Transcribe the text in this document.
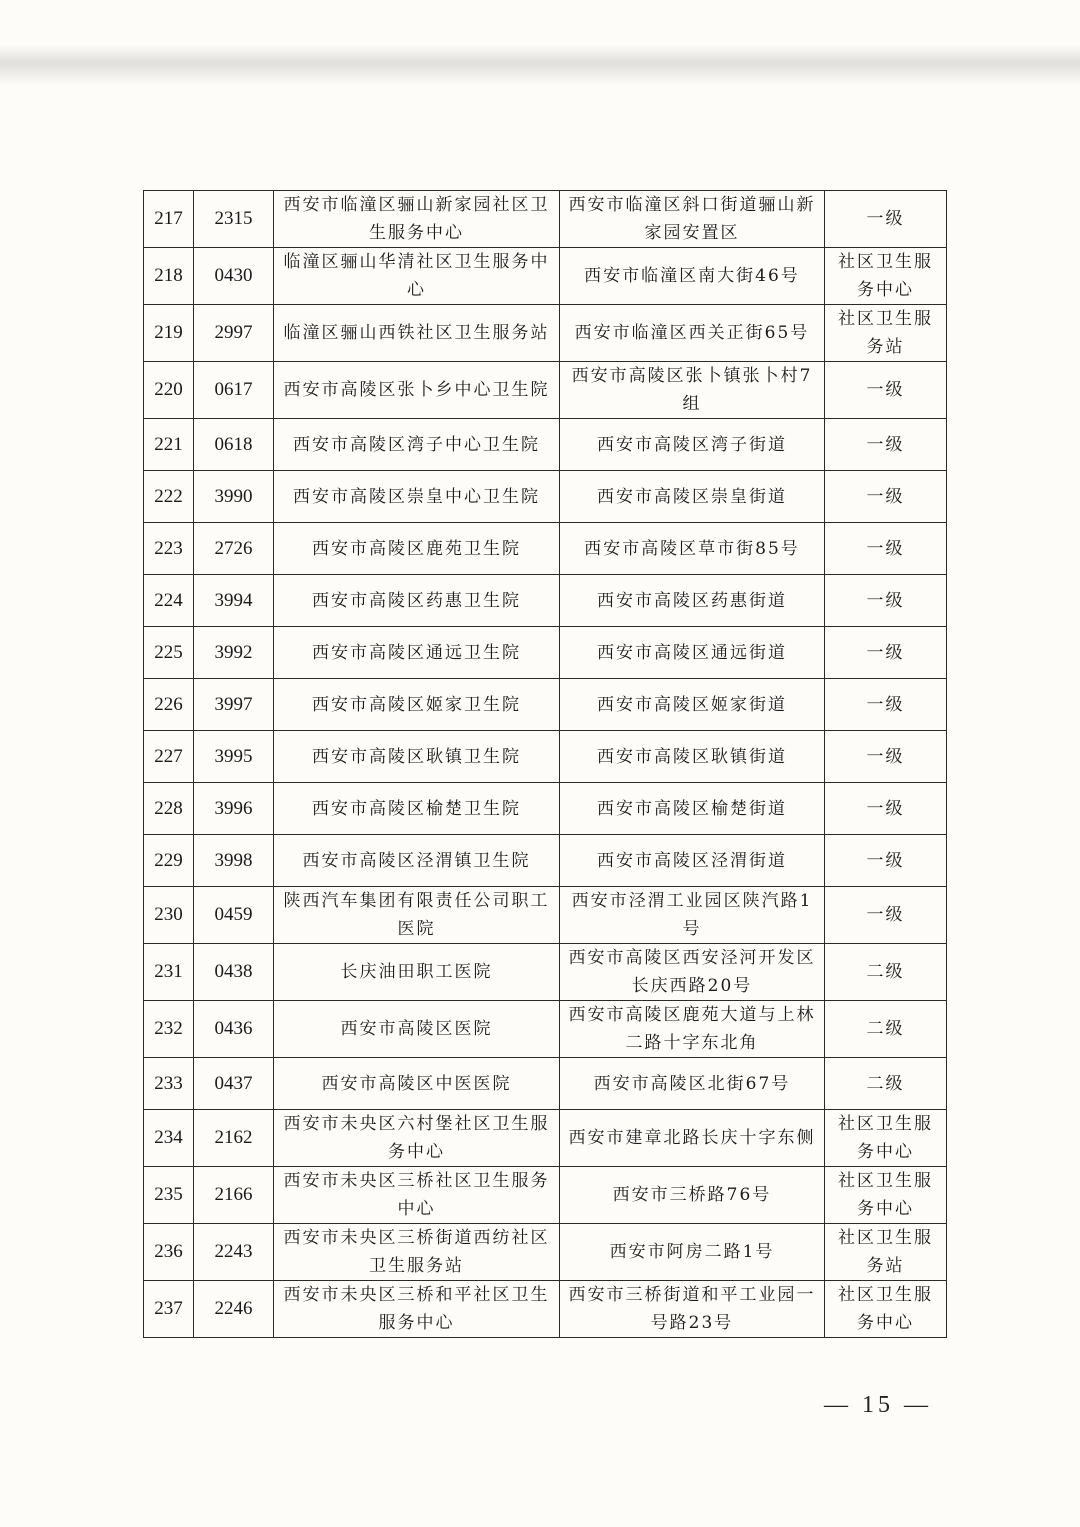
217	2315	西安市临潼区骊山新家园社区卫生服务中心	西安市临潼区斜口街道骊山新家园安置区	一级
218	0430	临潼区骊山华清社区卫生服务中心	西安市临潼区南大街46号	社区卫生服务中心
219	2997	临潼区骊山西铁社区卫生服务站	西安市临潼区西关正街65号	社区卫生服务站
220	0617	西安市高陵区张卜乡中心卫生院	西安市高陵区张卜镇张卜村7组	一级
221	0618	西安市高陵区湾子中心卫生院	西安市高陵区湾子街道	一级
222	3990	西安市高陵区崇皇中心卫生院	西安市高陵区崇皇街道	一级
223	2726	西安市高陵区鹿苑卫生院	西安市高陵区草市街85号	一级
224	3994	西安市高陵区药惠卫生院	西安市高陵区药惠街道	一级
225	3992	西安市高陵区通远卫生院	西安市高陵区通远街道	一级
226	3997	西安市高陵区姬家卫生院	西安市高陵区姬家街道	一级
227	3995	西安市高陵区耿镇卫生院	西安市高陵区耿镇街道	一级
228	3996	西安市高陵区榆楚卫生院	西安市高陵区榆楚街道	一级
229	3998	西安市高陵区泾渭镇卫生院	西安市高陵区泾渭街道	一级
230	0459	陕西汽车集团有限责任公司职工医院	西安市泾渭工业园区陕汽路1号	一级
231	0438	长庆油田职工医院	西安市高陵区西安泾河开发区长庆西路20号	二级
232	0436	西安市高陵区医院	西安市高陵区鹿苑大道与上林二路十字东北角	二级
233	0437	西安市高陵区中医医院	西安市高陵区北街67号	二级
234	2162	西安市未央区六村堡社区卫生服务中心	西安市建章北路长庆十字东侧	社区卫生服务中心
235	2166	西安市未央区三桥社区卫生服务中心	西安市三桥路76号	社区卫生服务中心
236	2243	西安市未央区三桥街道西纺社区卫生服务站	西安市阿房二路1号	社区卫生服务站
237	2246	西安市未央区三桥和平社区卫生服务中心	西安市三桥街道和平工业园一号路23号	社区卫生服务中心
— 15 —
